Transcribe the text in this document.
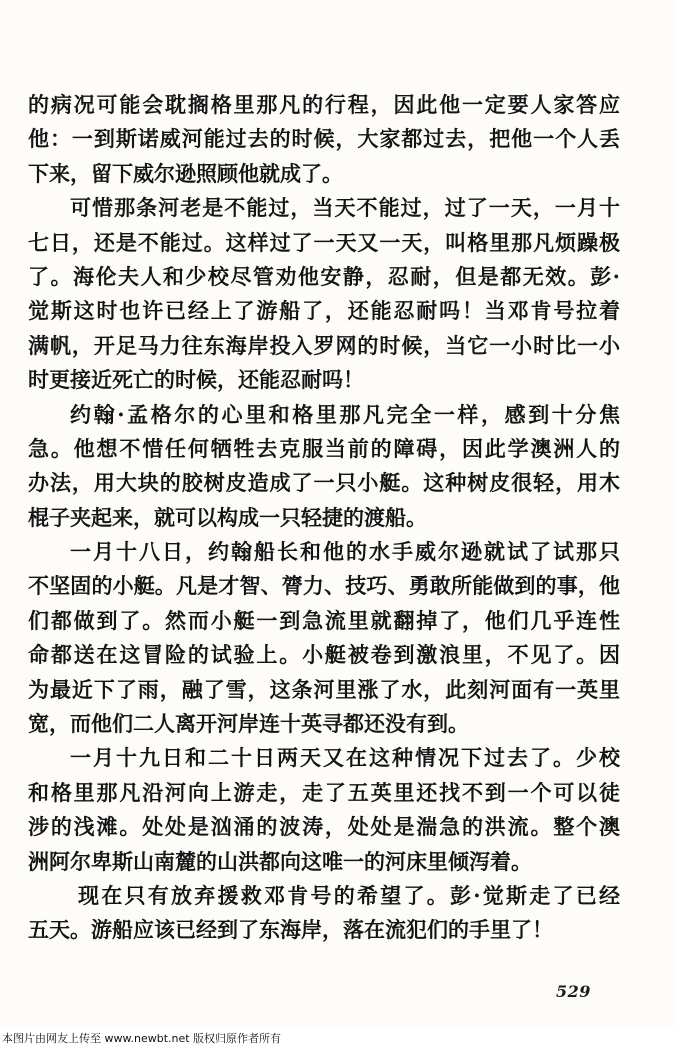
的病况可能会耽搁格里那凡的行程，因此他一定要人家答应
他：一到斯诺威河能过去的时候，大家都过去，把他一个人丢
下来，留下威尔逊照顾他就成了。
可惜那条河老是不能过，当天不能过，过了一天，一月十
七日，还是不能过。这样过了一天又一天，叫格里那凡烦躁极
了。海伦夫人和少校尽管劝他安静，忍耐，但是都无效。彭·
觉斯这时也许已经上了游船了，还能忍耐吗！当邓肯号拉着
满帆，开足马力往东海岸投入罗网的时候，当它一小时比一小
时更接近死亡的时候，还能忍耐吗！
约翰·孟格尔的心里和格里那凡完全一样，感到十分焦
急。他想不惜任何牺牲去克服当前的障碍，因此学澳洲人的
办法，用大块的胶树皮造成了一只小艇。这种树皮很轻，用木
棍子夹起来，就可以构成一只轻捷的渡船。
一月十八日，约翰船长和他的水手威尔逊就试了试那只
不坚固的小艇。凡是才智、膂力、技巧、勇敢所能做到的事，他
们都做到了。然而小艇一到急流里就翻掉了，他们几乎连性
命都送在这冒险的试验上。小艇被卷到激浪里，不见了。因
为最近下了雨，融了雪，这条河里涨了水，此刻河面有一英里
宽，而他们二人离开河岸连十英寻都还没有到。
一月十九日和二十日两天又在这种情况下过去了。少校
和格里那凡沿河向上游走，走了五英里还找不到一个可以徒
涉的浅滩。处处是汹涌的波涛，处处是湍急的洪流。整个澳
洲阿尔卑斯山南麓的山洪都向这唯一的河床里倾泻着。
现在只有放弃援救邓肯号的希望了。彭·觉斯走了已经
五天。游船应该已经到了东海岸，落在流犯们的手里了！
529
本图片由网友上传至 www.newbt.net 版权归原作者所有
